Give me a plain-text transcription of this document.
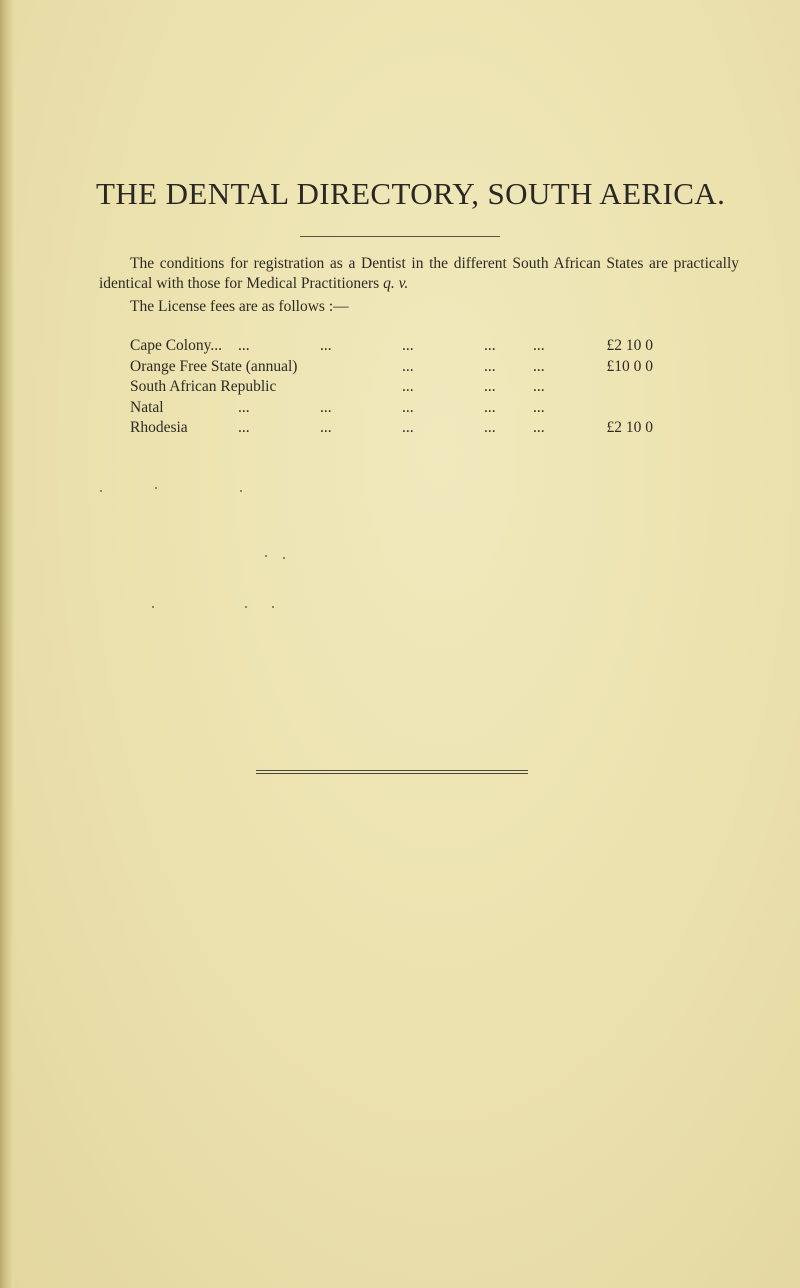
THE DENTAL DIRECTORY, SOUTH AERICA.
The conditions for registration as a Dentist in the different South African States are practically identical with those for Medical Practitioners q. v.
The License fees are as follows :—
Cape Colony... ...	...	...	... ...	£2 10 0
Orange Free State (annual)	...	... ...	£10 0 0
South African Republic	...	... ...
Natal	...	...	...	... ...
Rhodesia	...	...	...	... ...	£2 10 0
